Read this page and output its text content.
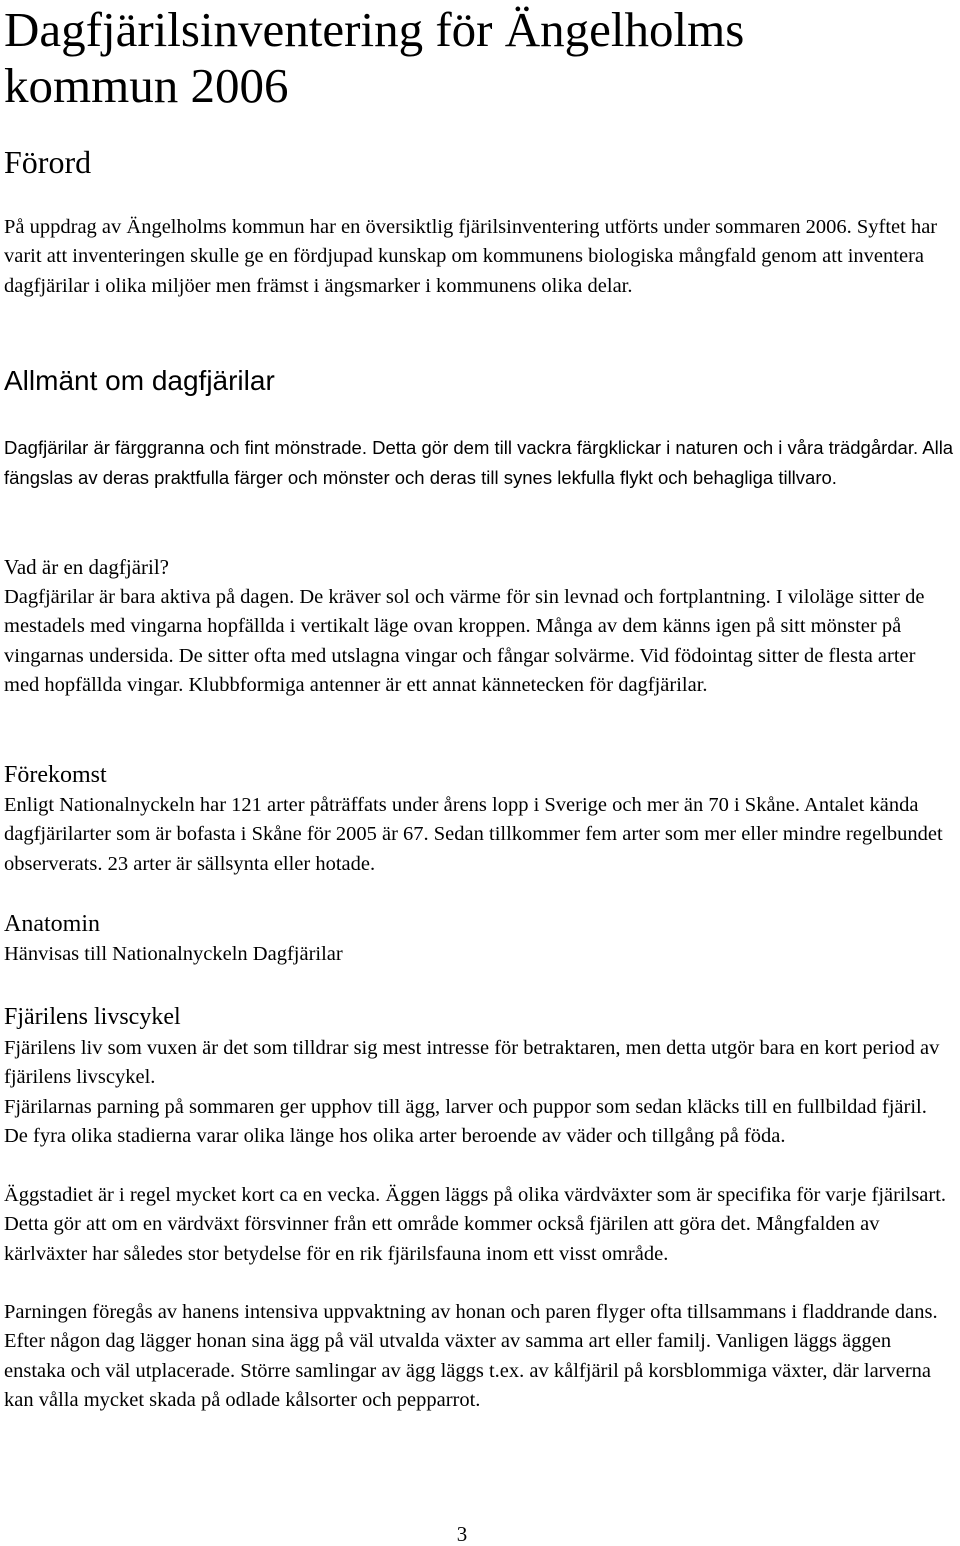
Dagfjärilsinventering för Ängelholms kommun 2006
Förord

På uppdrag av Ängelholms kommun har en översiktlig fjärilsinventering utförts under sommaren 2006. Syftet har varit att inventeringen skulle ge en fördjupad kunskap om kommunens biologiska mångfald genom att inventera dagfjärilar i olika miljöer men främst i ängsmarker i kommunens olika delar.

Allmänt om dagfjärilar

Dagfjärilar är färggranna och fint mönstrade. Detta gör dem till vackra färgklickar i naturen och i våra trädgårdar. Alla fängslas av deras praktfulla färger och mönster och deras till synes lekfulla flykt och behagliga tillvaro.

Vad är en dagfjäril?

Dagfjärilar är bara aktiva på dagen. De kräver sol och värme för sin levnad och fortplantning. I viloläge sitter de mestadels med vingarna hopfällda i vertikalt läge ovan kroppen. Många av dem känns igen på sitt mönster på vingarnas undersida. De sitter ofta med utslagna vingar och fångar solvärme. Vid födointag sitter de flesta arter med hopfällda vingar. Klubbformiga antenner är ett annat kännetecken för dagfjärilar.

Förekomst

Enligt Nationalnyckeln har 121 arter påträffats under årens lopp i Sverige och mer än 70 i Skåne. Antalet kända dagfjärilarter som är bofasta i Skåne för 2005 är 67. Sedan tillkommer fem arter som mer eller mindre regelbundet observerats. 23 arter är sällsynta eller hotade.

Anatomin

Hänvisas till Nationalnyckeln Dagfjärilar

Fjärilens livscykel

Fjärilens liv som vuxen är det som tilldrar sig mest intresse för betraktaren, men detta utgör bara en kort period av fjärilens livscykel.

Fjärilarnas parning på sommaren ger upphov till ägg, larver och puppor som sedan kläcks till en fullbildad fjäril. De fyra olika stadierna varar olika länge hos olika arter beroende av väder och tillgång på föda.

Äggstadiet är i regel mycket kort ca en vecka. Äggen läggs på olika värdväxter som är specifika för varje fjärilsart. Detta gör att om en värdväxt försvinner från ett område kommer också fjärilen att göra det. Mångfalden av kärlväxter har således stor betydelse för en rik fjärilsfauna inom ett visst område.

Parningen föregås av hanens intensiva uppvaktning av honan och paren flyger ofta tillsammans i fladdrande dans. Efter någon dag lägger honan sina ägg på väl utvalda växter av samma art eller familj. Vanligen läggs äggen enstaka och väl utplacerade. Större samlingar av ägg läggs t.ex. av kålfjäril på korsblommiga växter, där larverna kan vålla mycket skada på odlade kålsorter och pepparrot.

3
